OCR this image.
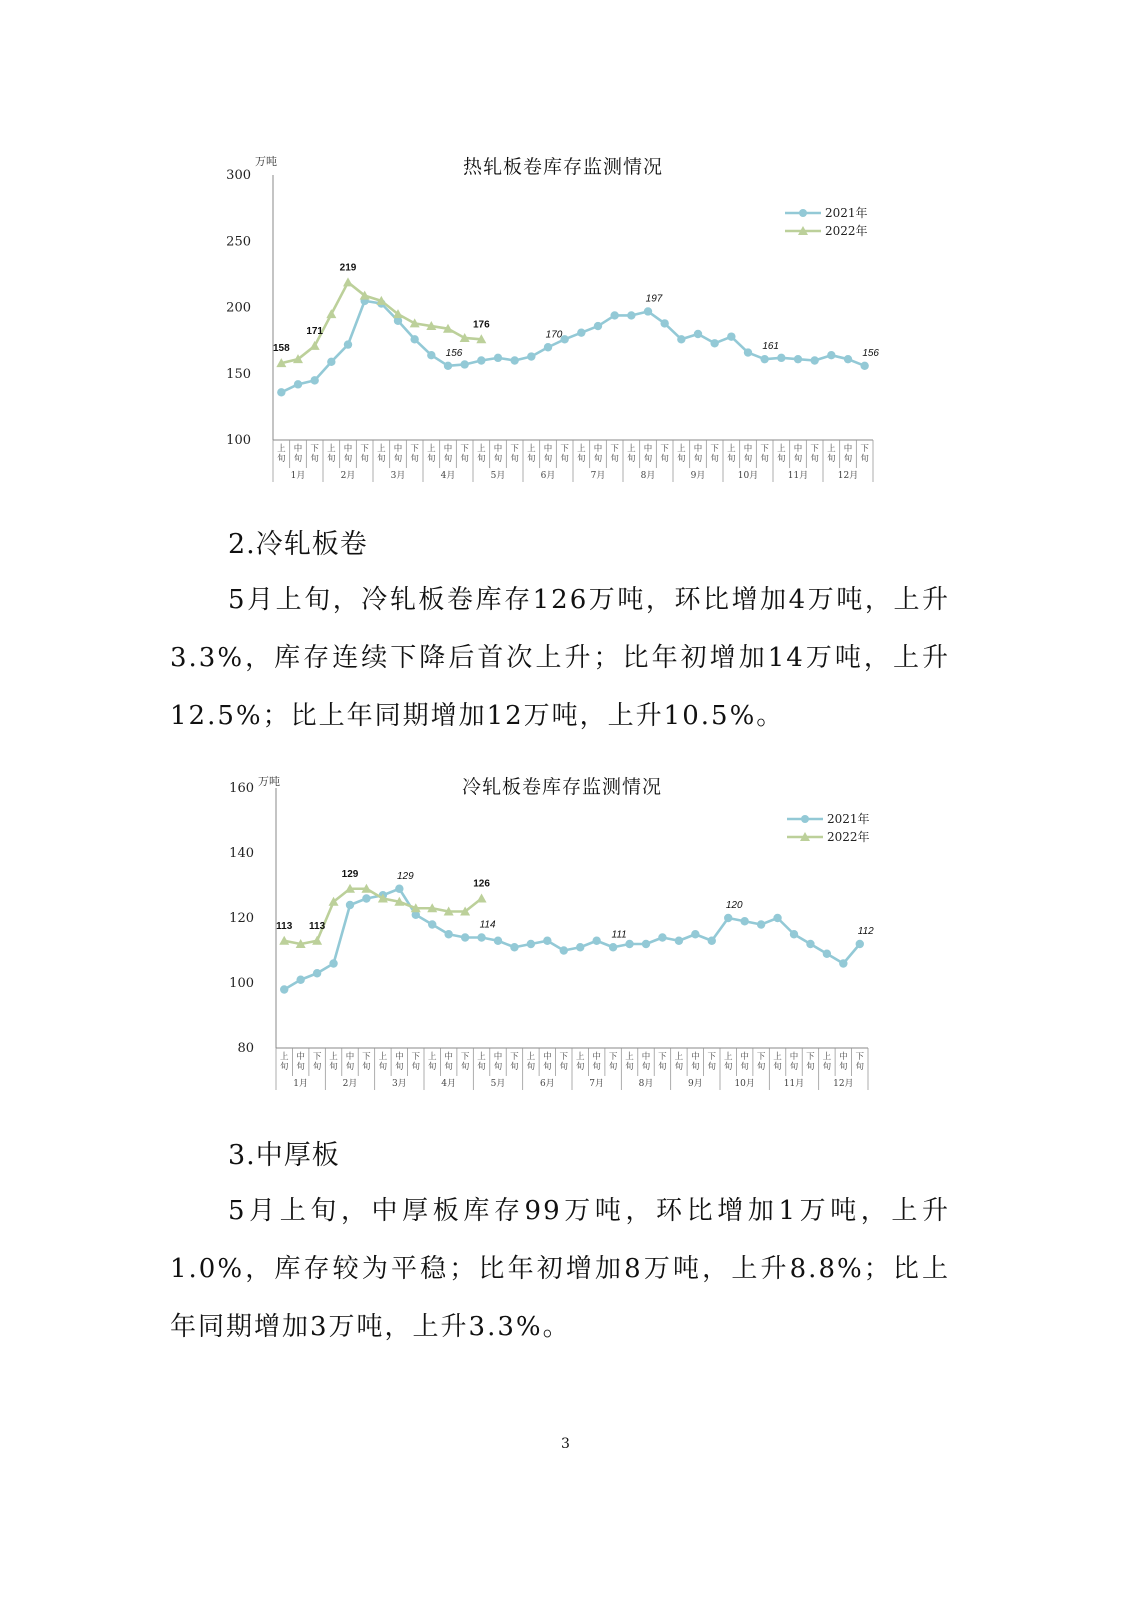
热轧板卷库存监测情况
万吨
100
150
200
250
300
上
旬
中
旬
下
旬
上
旬
中
旬
下
旬
上
旬
中
旬
下
旬
上
旬
中
旬
下
旬
上
旬
中
旬
下
旬
上
旬
中
旬
下
旬
上
旬
中
旬
下
旬
上
旬
中
旬
下
旬
上
旬
中
旬
下
旬
上
旬
中
旬
下
旬
上
旬
中
旬
下
旬
上
旬
中
旬
下
旬
1月	2月	3月	4月	5月	6月	7月	8月	9月	10月	11月	12月
156
170
197
161
156
158
171
219
176
2021年
2022年
2.冷轧板卷

5月上旬，冷轧板卷库存126万吨，环比增加4万吨，上升3.3%，库存连续下降后首次上升；比年初增加14万吨，上升12.5%；比上年同期增加12万吨，上升10.5%。

冷轧板卷库存监测情况
万吨
80
100
120
140
160
上
旬
中
旬
下
旬
上
旬
中
旬
下
旬
上
旬
中
旬
下
旬
上
旬
中
旬
下
旬
上
旬
中
旬
下
旬
上
旬
中
旬
下
旬
上
旬
中
旬
下
旬
上
旬
中
旬
下
旬
上
旬
中
旬
下
旬
上
旬
中
旬
下
旬
上
旬
中
旬
下
旬
上
旬
中
旬
下
旬
1月	2月	3月	4月	5月	6月	7月	8月	9月	10月	11月	12月
129
114
111
120
112
113 113
129
126
2021年
2022年
3.中厚板

5月上旬，中厚板库存99万吨，环比增加1万吨，上升1.0%，库存较为平稳；比年初增加8万吨，上升8.8%；比上年同期增加3万吨，上升3.3%。

3
